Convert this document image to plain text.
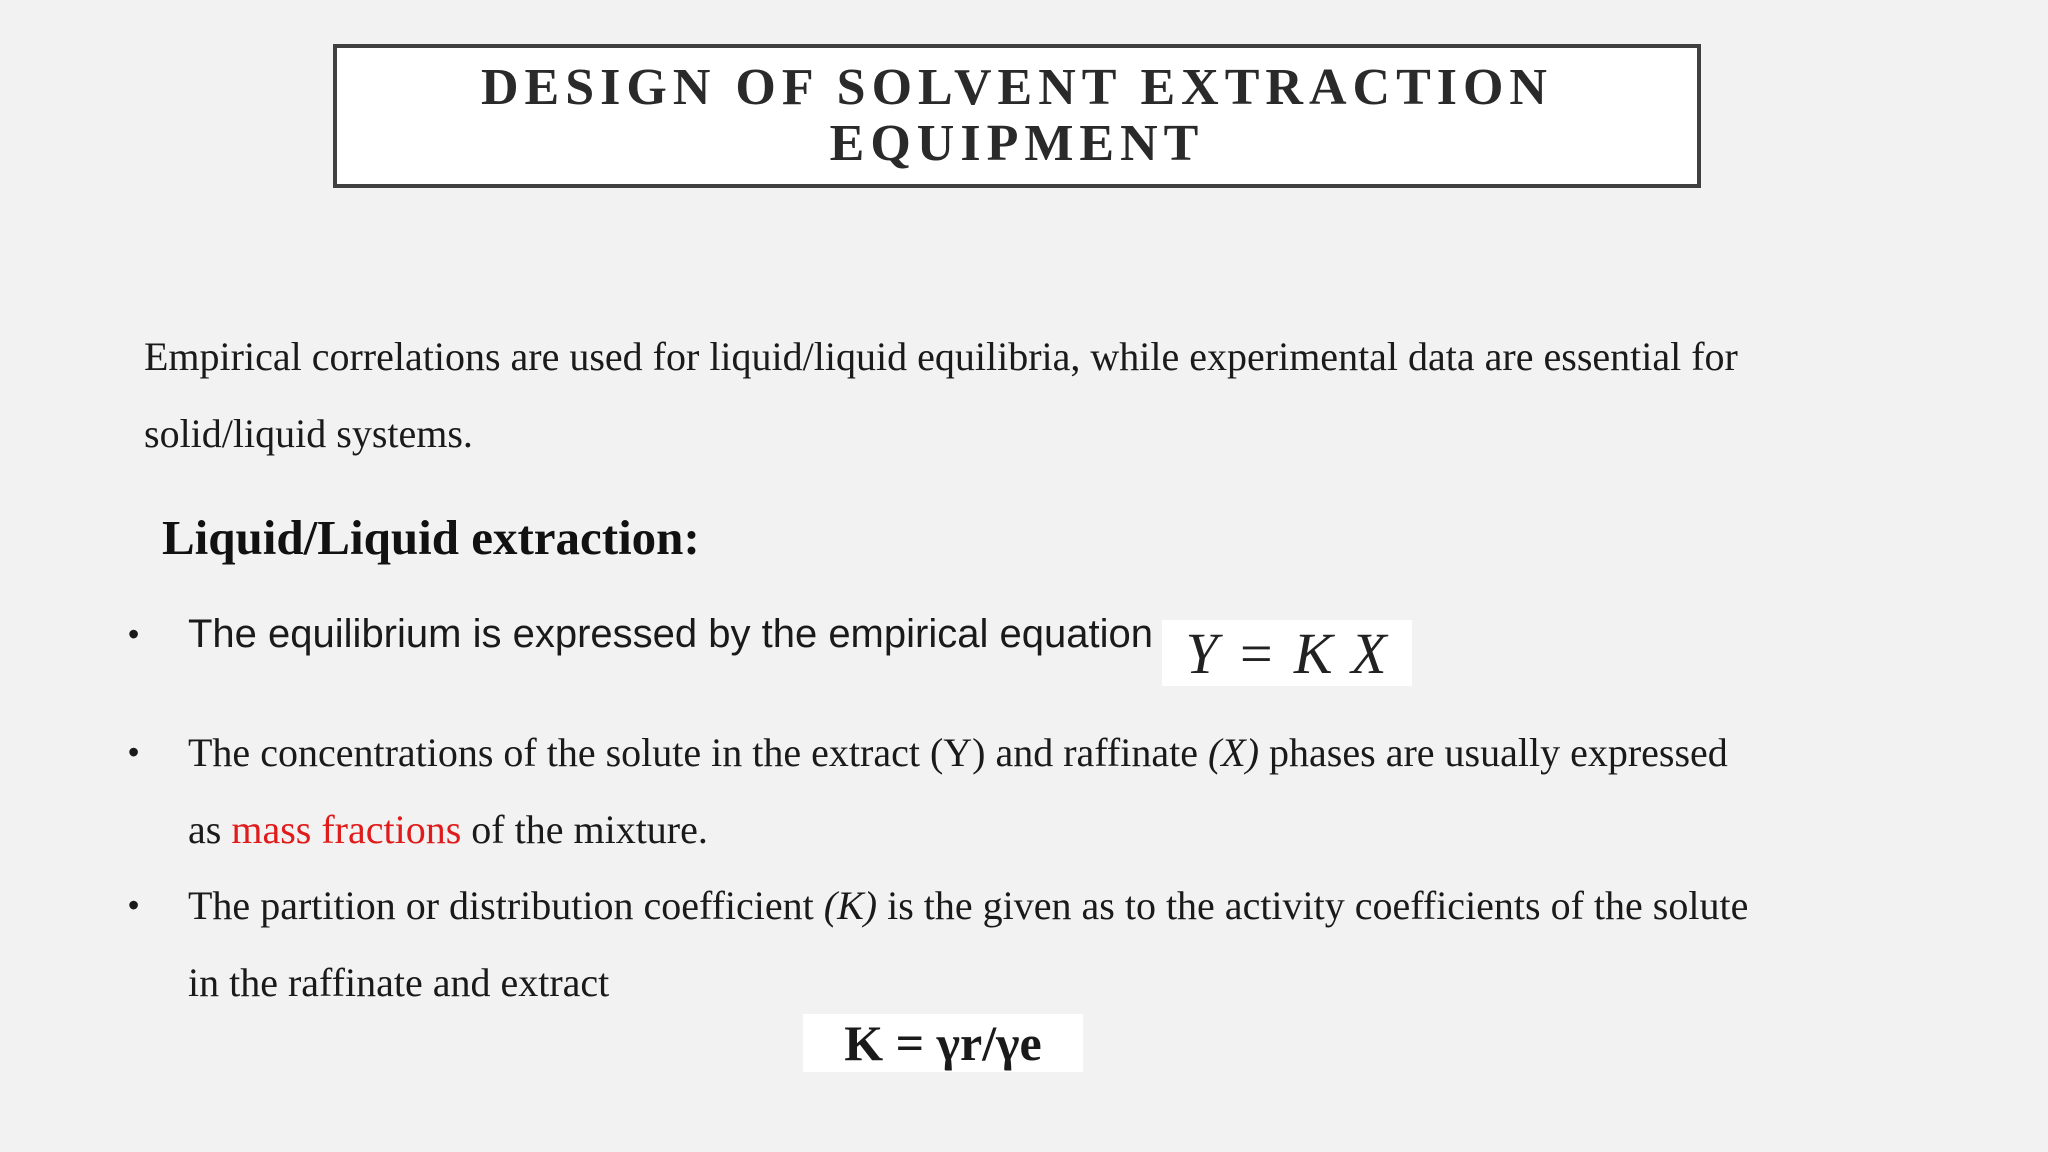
DESIGN OF SOLVENT EXTRACTION
EQUIPMENT
Empirical correlations are used for liquid/liquid equilibria, while experimental data are essential for
solid/liquid systems.
Liquid/Liquid extraction:
• The equilibrium is expressed by the empirical equation
• The concentrations of the solute in the extract (Y) and raffinate (X) phases are usually expressed
as mass fractions of the mixture.
• The partition or distribution coefficient (K) is the given as to the activity coefficients of the solute
in the raffinate and extract
Y = K X
K = γr/γe
